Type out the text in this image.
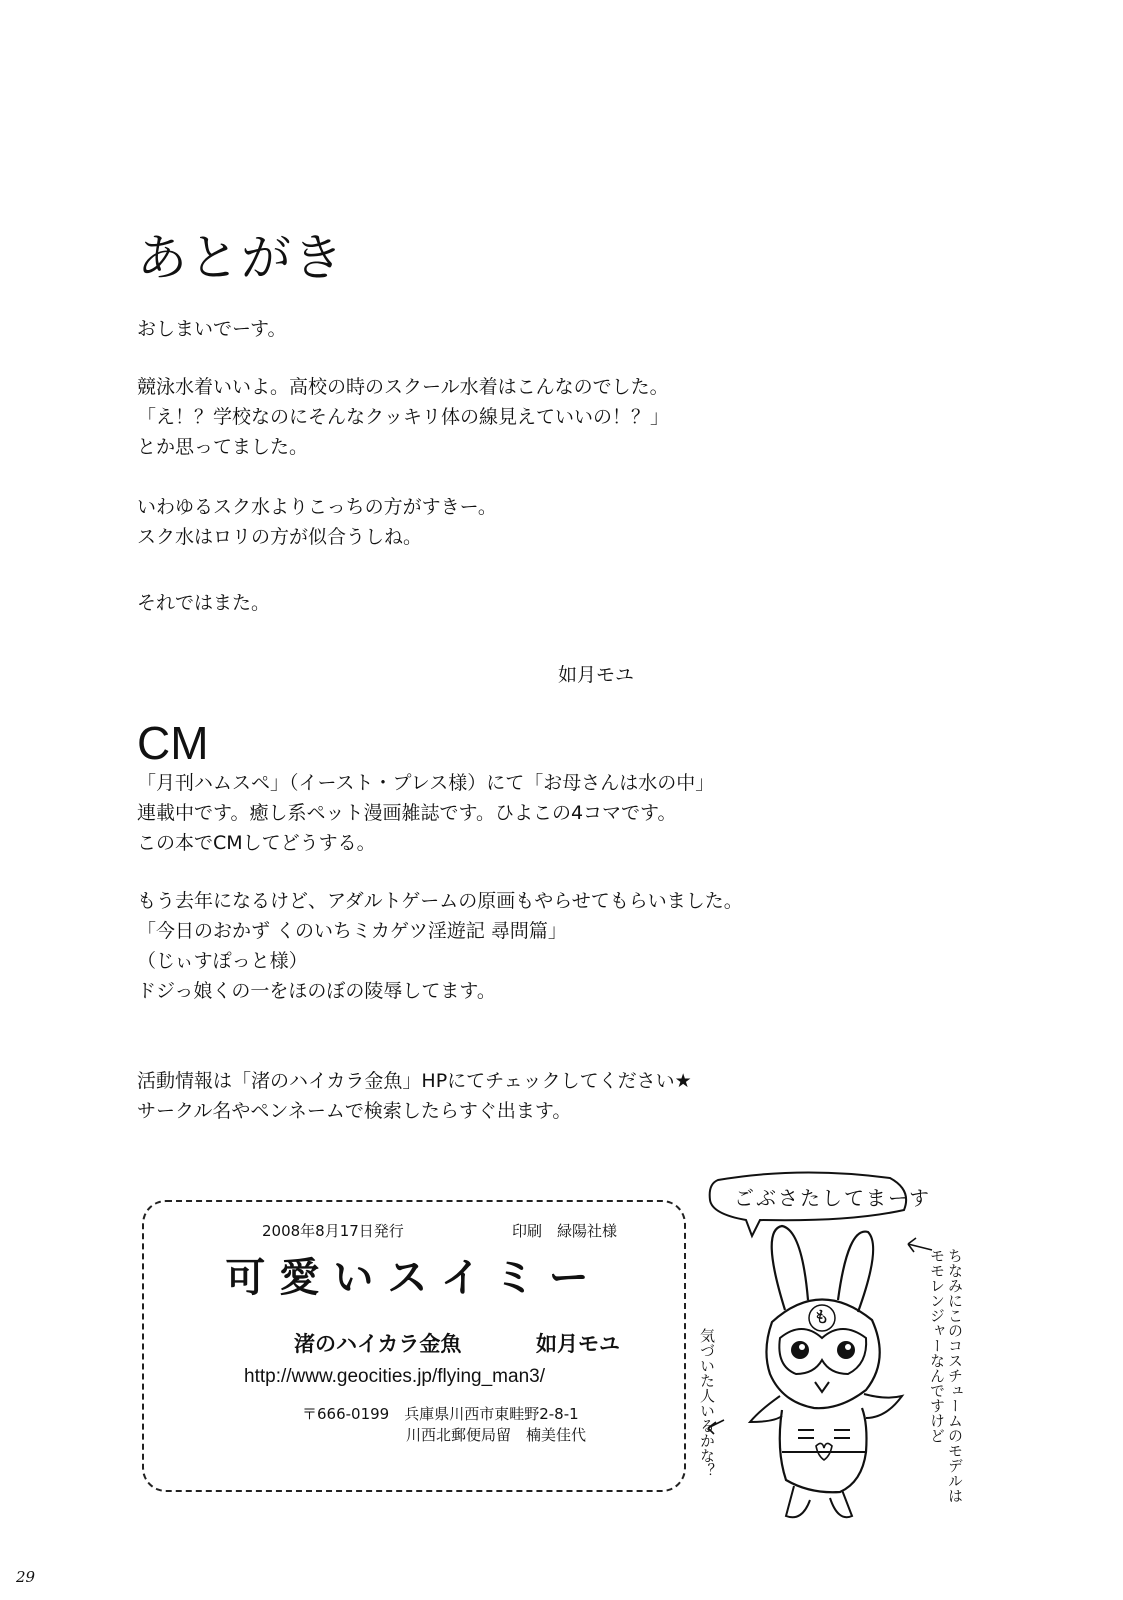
あとがき
おしまいでーす。
競泳水着いいよ。高校の時のスクール水着はこんなのでした。
「え！？学校なのにそんなクッキリ体の線見えていいの！？」
とか思ってました。
いわゆるスク水よりこっちの方がすきー。
スク水はロリの方が似合うしね。
それではまた。
如月モユ
CM
「月刊ハムスペ」（イースト・プレス様）にて「お母さんは水の中」
連載中です。癒し系ペット漫画雑誌です。ひよこの4コマです。
この本でCMしてどうする。
もう去年になるけど、アダルトゲームの原画もやらせてもらいました。
「今日のおかず くのいちミカゲツ淫遊記 尋問篇」
（じぃすぽっと様）
ドジっ娘くの一をほのぼの陵辱してます。
活動情報は「渚のハイカラ金魚」HPにてチェックしてください★
サークル名やペンネームで検索したらすぐ出ます。
2008年8月17日発行	印刷　緑陽社様
可愛いスイミー
渚のハイカラ金魚	如月モユ
http://www.geocities.jp/flying_man3/
〒666-0199　兵庫県川西市東畦野2-8-1
川西北郵便局留　楠美佳代
ごぶさたしてまーす
も	ちなみにこのコスチュームのモデルは
モモレンジャーなんですけど
気づいた人いるかな？
29
